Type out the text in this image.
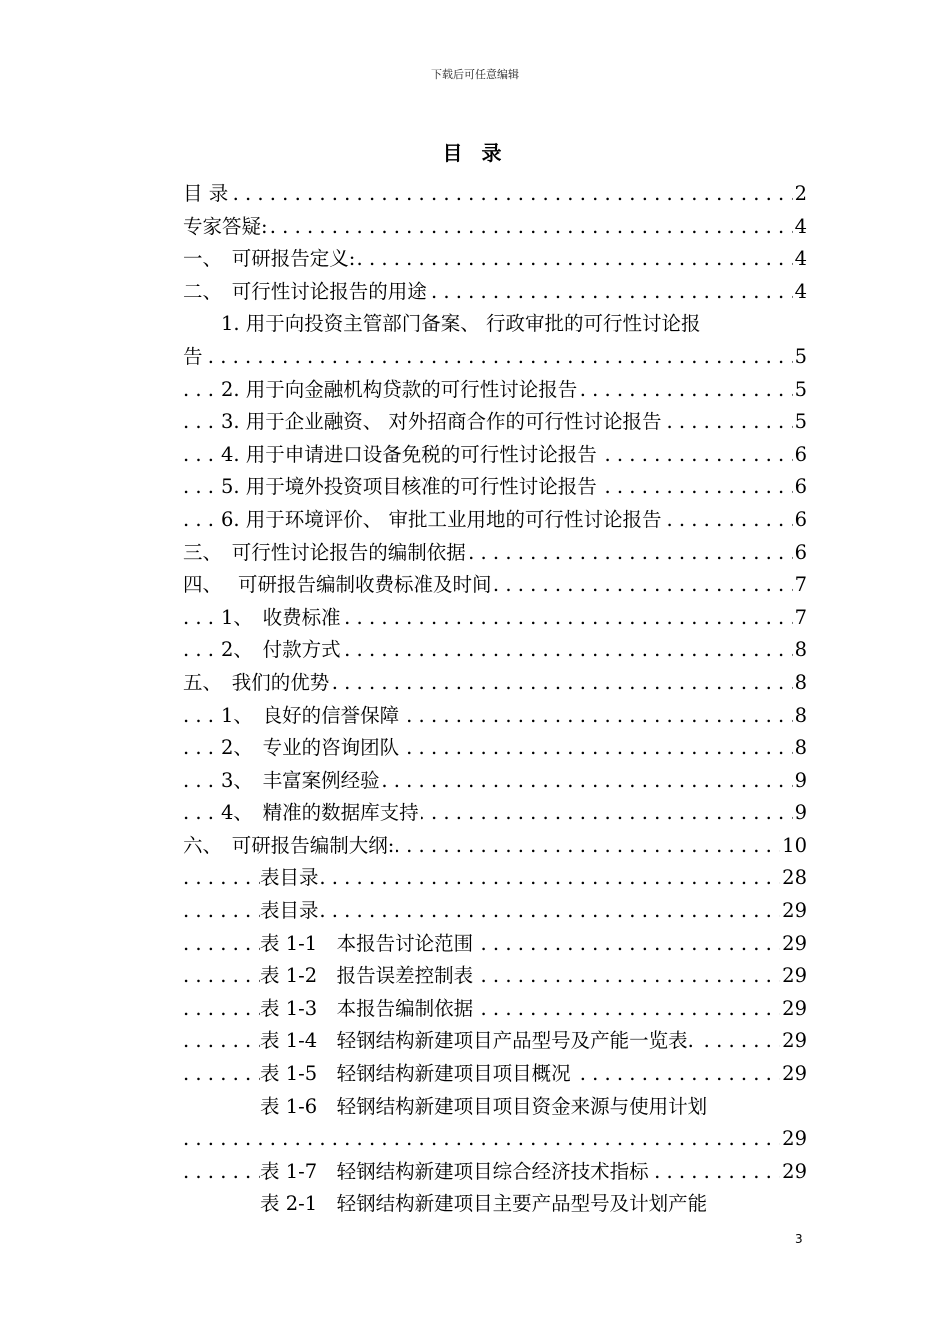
下载后可任意编辑
目 录
. . .
目 录	2
. . .
专家答疑:	4
. . .
一、　可研报告定义:	4
. . .
二、　可行性讨论报告的用途	4
1. 用于向投资主管部门备案、 行政审批的可行性讨论报
. . .
告	5
. . .
2. 用于向金融机构贷款的可行性讨论报告	5
. . .
3. 用于企业融资、 对外招商合作的可行性讨论报告	5
. . .
4. 用于申请进口设备免税的可行性讨论报告	6
. . .
5. 用于境外投资项目核准的可行性讨论报告	6
. . .
6. 用于环境评价、 审批工业用地的可行性讨论报告	6
. . .
三、　可行性讨论报告的编制依据	6
. . .
四、　 可研报告编制收费标准及时间	7
. . .
1、　收费标准	7
. . .
2、　付款方式	8
. . .
五、　我们的优势	8
. . .
1、　良好的信誉保障	8
. . .
2、　专业的咨询团队	8
. . .
3、　丰富案例经验	9
. . .
4、　精准的数据库支持	9
. . .
六、　可研报告编制大纲:	10
. . .
表目录	28
. . .
表目录	29
. . .
表 1-1　本报告讨论范围	29
. . .
表 1-2　报告误差控制表	29
. . .
表 1-3　本报告编制依据	29
. . .
表 1-4　轻钢结构新建项目产品型号及产能一览表.	29
. . .
表 1-5　轻钢结构新建项目项目概况	29
表 1-6　轻钢结构新建项目项目资金来源与使用计划
. . .
29
. . .
表 1-7　轻钢结构新建项目综合经济技术指标	29
表 2-1　轻钢结构新建项目主要产品型号及计划产能
3
